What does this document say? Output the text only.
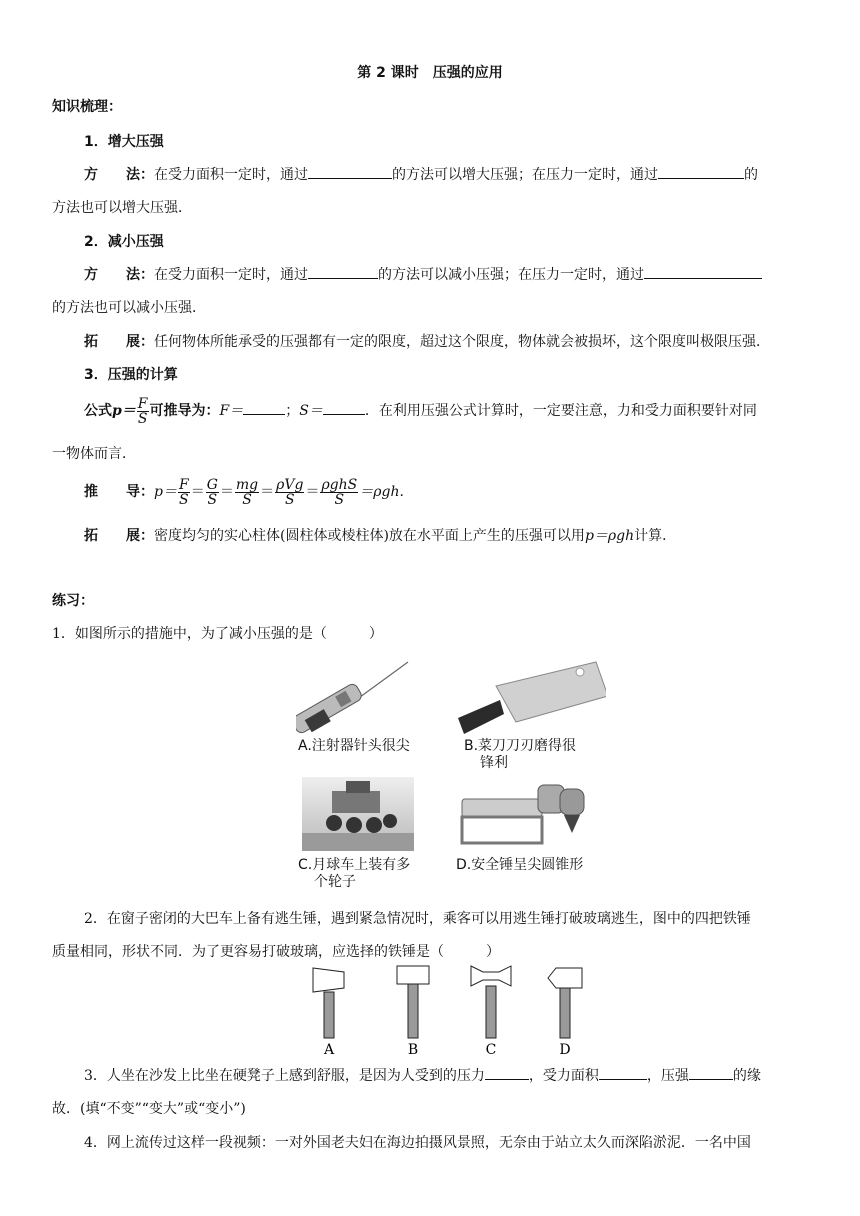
第 2 课时　压强的应用
知识梳理：
1．增大压强
方　　法：在受力面积一定时，通过	的方法可以增大压强；在压力一定时，通过	的
方法也可以增大压强．
2．减小压强
方　　法：在受力面积一定时，通过	的方法可以减小压强；在压力一定时，通过
的方法也可以减小压强．
拓　　展：任何物体所能承受的压强都有一定的限度，超过这个限度，物体就会被损坏，这个限度叫极限压强．
3．压强的计算
公式$p= \frac{F}{S}$ 可推导为：F＝	；S＝	．在利用压强公式计算时，一定要注意，力和受力面积要针对同
一物体而言．
推　　导：$p= \frac{F}{S} = \frac{G}{S} = \frac{mg}{S} = \frac{\text{ρVg}}{S} = \frac{\text{ρghS}}{S} =\rho gh$.
拓　　展：密度均匀的实心柱体(圆柱体或棱柱体)放在水平面上产生的压强可以用p＝ρgh计算．
练习：
1．如图所示的措施中，为了减小压强的是（　　　）
A.注射器针头很尖	B.菜刀刀刃磨得很
锋利
C.月球车上装有多
个轮子
D.安全锤呈尖圆锥形
2．在窗子密闭的大巴车上备有逃生锤，遇到紧急情况时，乘客可以用逃生锤打破玻璃逃生，图中的四把铁锤
质量相同，形状不同．为了更容易打破玻璃，应选择的铁锤是（　　　）
A	B	C	D
3．人坐在沙发上比坐在硬凳子上感到舒服，是因为人受到的压力	，受力面积	，压强	的缘
故．(填“不变”“变大”或“变小”)
4．网上流传过这样一段视频：一对外国老夫妇在海边拍摄风景照，无奈由于站立太久而深陷淤泥．一名中国
